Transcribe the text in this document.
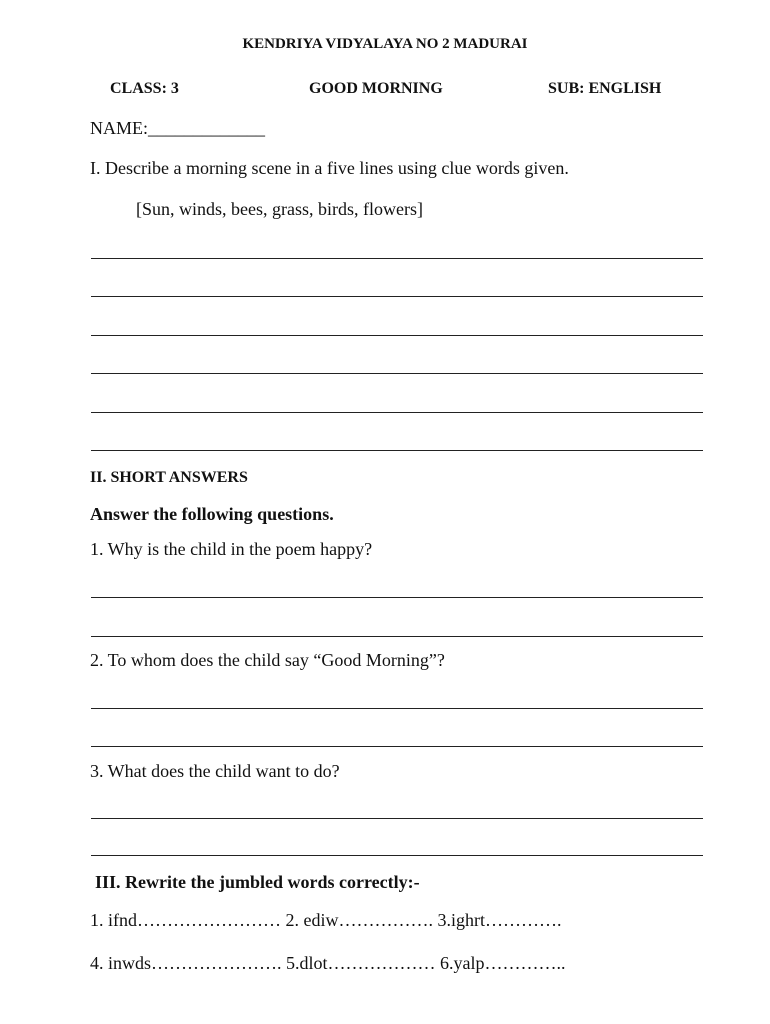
KENDRIYA VIDYALAYA NO 2 MADURAI
CLASS: 3	GOOD MORNING	SUB: ENGLISH
NAME:_____________
I. Describe a morning scene in a five lines using clue words given.
[Sun, winds, bees, grass, birds, flowers]
II. SHORT ANSWERS
Answer the following questions.
1. Why is the child in the poem happy?
2. To whom does the child say “Good Morning”?
3. What does the child want to do?
III. Rewrite the jumbled words correctly:-
1. ifnd…………………… 2. ediw……………. 3.ighrt………….
4. inwds…………………. 5.dlot……………… 6.yalp…………..
